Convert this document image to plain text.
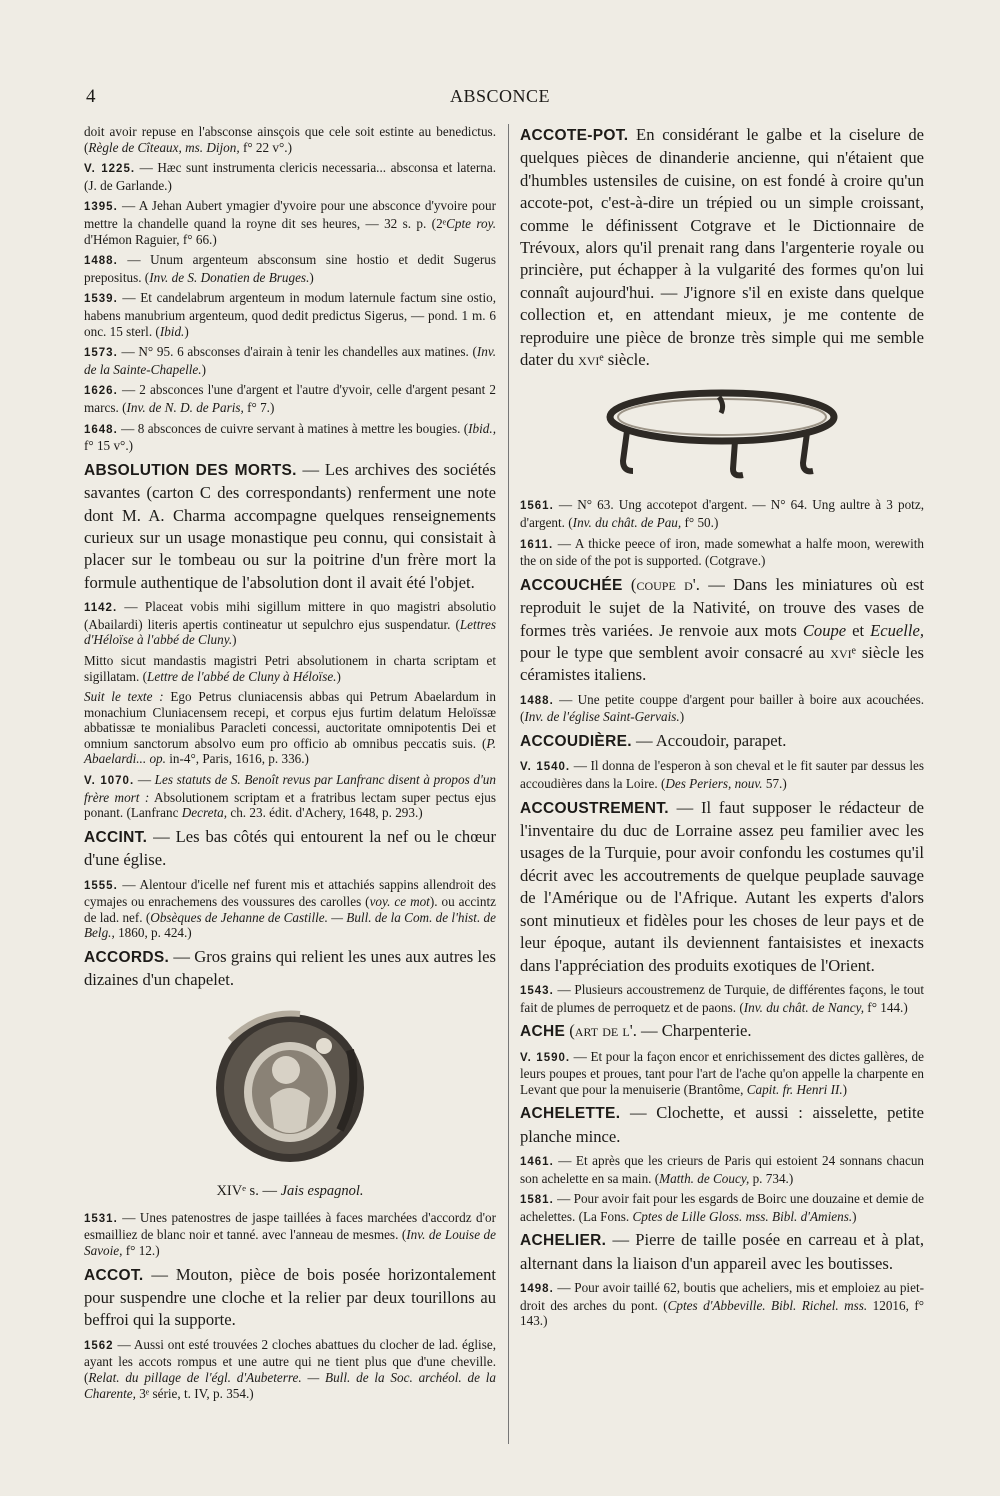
4	ABSCONCE

doit avoir repuse en l'absconse ainsçois que cele soit estinte au benedictus. (Règle de Cîteaux, ms. Dijon, f° 22 v°.)

V. 1225. — Hæc sunt instrumenta clericis necessaria... absconsa et laterna. (J. de Garlande.)

1395. — A Jehan Aubert ymagier d'yvoire pour une absconce d'yvoire pour mettre la chandelle quand la royne dit ses heures, — 32 s. p. (2ᵉCpte roy. d'Hémon Raguier, f° 66.)

1488. — Unum argenteum absconsum sine hostio et dedit Sugerus prepositus. (Inv. de S. Donatien de Bruges.)

1539. — Et candelabrum argenteum in modum laternule factum sine ostio, habens manubrium argenteum, quod dedit predictus Sigerus, — pond. 1 m. 6 onc. 15 sterl. (Ibid.)

1573. — N° 95. 6 absconses d'airain à tenir les chandelles aux matines. (Inv. de la Sainte-Chapelle.)

1626. — 2 absconces l'une d'argent et l'autre d'yvoir, celle d'argent pesant 2 marcs. (Inv. de N. D. de Paris, f° 7.)

1648. — 8 absconces de cuivre servant à matines à mettre les bougies. (Ibid., f° 15 v°.)

ABSOLUTION DES MORTS. — Les archives des sociétés savantes (carton C des correspondants) renferment une note dont M. A. Charma accompagne quelques renseignements curieux sur un usage monastique peu connu, qui consistait à placer sur le tombeau ou sur la poitrine d'un frère mort la formule authentique de l'absolution dont il avait été l'objet.

1142. — Placeat vobis mihi sigillum mittere in quo magistri absolutio (Abailardi) literis apertis contineatur ut sepulchro ejus suspendatur. (Lettres d'Héloïse à l'abbé de Cluny.)

Mitto sicut mandastis magistri Petri absolutionem in charta scriptam et sigillatam. (Lettre de l'abbé de Cluny à Héloïse.)

Suit le texte : Ego Petrus cluniacensis abbas qui Petrum Abaelardum in monachium Cluniacensem recepi, et corpus ejus furtim delatum Heloïssæ abbatissæ te monialibus Paracleti concessi, auctoritate omnipotentis Dei et omnium sanctorum absolvo eum pro officio ab omnibus peccatis suis. (P. Abaelardi... op. in-4°, Paris, 1616, p. 336.)

V. 1070. — Les statuts de S. Benoît revus par Lanfranc disent à propos d'un frère mort : Absolutionem scriptam et a fratribus lectam super pectus ejus ponant. (Lanfranc Decreta, ch. 23. édit. d'Achery, 1648, p. 293.)

ACCINT. — Les bas côtés qui entourent la nef ou le chœur d'une église.

1555. — Alentour d'icelle nef furent mis et attachiés sappins allendroit des cymajes ou enrachemens des voussures des carolles (voy. ce mot). ou accintz de lad. nef. (Obsèques de Jehanne de Castille. — Bull. de la Com. de l'hist. de Belg., 1860, p. 424.)

ACCORDS. — Gros grains qui relient les unes aux autres les dizaines d'un chapelet.

XIVᵉ s. — Jais espagnol.

1531. — Unes patenostres de jaspe taillées à faces marchées d'accordz d'or esmailliez de blanc noir et tanné. avec l'anneau de mesmes. (Inv. de Louise de Savoie, f° 12.)

ACCOT. — Mouton, pièce de bois posée horizontalement pour suspendre une cloche et la relier par deux tourillons au beffroi qui la supporte.

1562 — Aussi ont esté trouvées 2 cloches abattues du clocher de lad. église, ayant les accots rompus et une autre qui ne tient plus que d'une cheville. (Relat. du pillage de l'égl. d'Aubeterre. — Bull. de la Soc. archéol. de la Charente, 3ᵉ série, t. IV, p. 354.)

ACCOTE-POT. En considérant le galbe et la ciselure de quelques pièces de dinanderie ancienne, qui n'étaient que d'humbles ustensiles de cuisine, on est fondé à croire qu'un accote-pot, c'est-à-dire un trépied ou un simple croissant, comme le définissent Cotgrave et le Dictionnaire de Trévoux, alors qu'il prenait rang dans l'argenterie royale ou princière, put échapper à la vulgarité des formes qu'on lui connaît aujourd'hui. — J'ignore s'il en existe dans quelque collection et, en attendant mieux, je me contente de reproduire une pièce de bronze très simple qui me semble dater du xviᵉ siècle.

1561. — N° 63. Ung accotepot d'argent. — N° 64. Ung aultre à 3 potz, d'argent. (Inv. du chât. de Pau, f° 50.)

1611. — A thicke peece of iron, made somewhat a halfe moon, werewith the on side of the pot is supported. (Cotgrave.)

ACCOUCHÉE (coupe d'. — Dans les miniatures où est reproduit le sujet de la Nativité, on trouve des vases de formes très variées. Je renvoie aux mots Coupe et Ecuelle, pour le type que semblent avoir consacré au xviᵉ siècle les céramistes italiens.

1488. — Une petite couppe d'argent pour bailler à boire aux acouchées. (Inv. de l'église Saint-Gervais.)

ACCOUDIÈRE. — Accoudoir, parapet.

V. 1540. — Il donna de l'esperon à son cheval et le fit sauter par dessus les accoudières dans la Loire. (Des Periers, nouv. 57.)

ACCOUSTREMENT. — Il faut supposer le rédacteur de l'inventaire du duc de Lorraine assez peu familier avec les usages de la Turquie, pour avoir confondu les costumes qu'il décrit avec les accoutrements de quelque peuplade sauvage de l'Amérique ou de l'Afrique. Autant les experts d'alors sont minutieux et fidèles pour les choses de leur pays et de leur époque, autant ils deviennent fantaisistes et inexacts dans l'appréciation des produits exotiques de l'Orient.

1543. — Plusieurs accoustremenz de Turquie, de différentes façons, le tout fait de plumes de perroquetz et de paons. (Inv. du chât. de Nancy, f° 144.)

ACHE (art de l'. — Charpenterie.

V. 1590. — Et pour la façon encor et enrichissement des dictes gallères, de leurs poupes et proues, tant pour l'art de l'ache qu'on appelle la charpente en Levant que pour la menuiserie (Brantôme, Capit. fr. Henri II.)

ACHELETTE. — Clochette, et aussi : aisselette, petite planche mince.

1461. — Et après que les crieurs de Paris qui estoient 24 sonnans chacun son achelette en sa main. (Matth. de Coucy, p. 734.)

1581. — Pour avoir fait pour les esgards de Boirc une douzaine et demie de achelettes. (La Fons. Cptes de Lille Gloss. mss. Bibl. d'Amiens.)

ACHELIER. — Pierre de taille posée en carreau et à plat, alternant dans la liaison d'un appareil avec les boutisses.

1498. — Pour avoir taillé 62, boutis que acheliers, mis et emploiez au piet-droit des arches du pont. (Cptes d'Abbeville. Bibl. Richel. mss. 12016, f° 143.)
